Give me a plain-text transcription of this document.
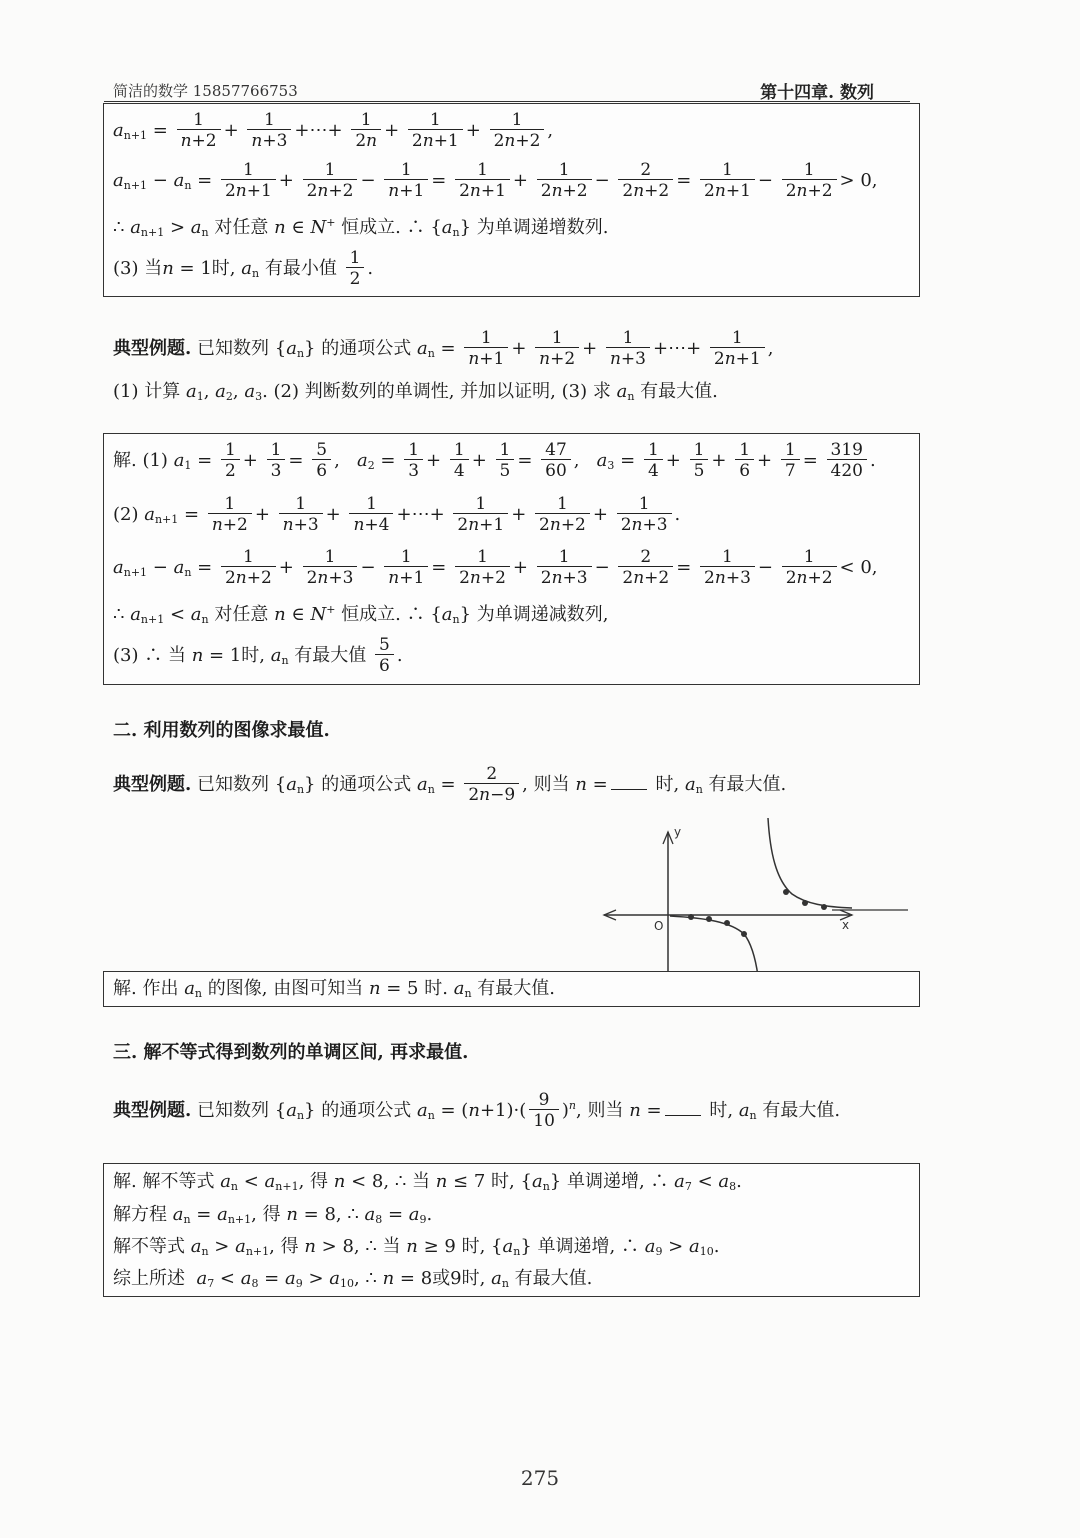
简洁的数学 15857766753	第十四章. 数列
$a_{n+1} = \frac{1}{n+2} + \frac{1}{n+3}$ +⋯+ $\frac{1}{2n} + \frac{1}{2n+1} + \frac{1}{2n+2}$ ,
$a_{n+1} - a_n = \frac{1}{2n+1} + \frac{1}{2n+2} - \frac{1}{n+1} = \frac{1}{2n+1} + \frac{1}{2n+2} - \frac{2}{2n+2} = \frac{1}{2n+1} - \frac{1}{2n+2} > 0$,
∴ $a_{n+1} > a_n$ 对任意 n ∈ N+ 恒成立. ∴ $\{a_n\}$ 为单调递增数列.
(3) 当n = 1时, $a_n$ 有最小值 $\frac{1}{2}$ .
典型例题. 已知数列 $\{a_n\}$ 的通项公式 $a_n = \frac{1}{n+1} + \frac{1}{n+2} + \frac{1}{n+3}$ +⋯+ $\frac{1}{2n+1}$ ,
(1) 计算 $a_1$, $a_2$, $a_3$. (2) 判断数列的单调性, 并加以证明, (3) 求 $a_n$ 有最大值.
解. (1) $a_1 = \frac{1}{2} + \frac{1}{3} = \frac{5}{6}$ ,   $a_2 = \frac{1}{3} + \frac{1}{4} + \frac{1}{5} = \frac{47}{60}$ ,   $a_3 = \frac{1}{4} + \frac{1}{5} + \frac{1}{6} + \frac{1}{7} = \frac{319}{420}$ .
(2) $a_{n+1} = \frac{1}{n+2} + \frac{1}{n+3} + \frac{1}{n+4}$ +⋯+ $\frac{1}{2n+1} + \frac{1}{2n+2} + \frac{1}{2n+3}$ .
$a_{n+1} - a_n = \frac{1}{2n+2} + \frac{1}{2n+3} - \frac{1}{n+1} = \frac{1}{2n+2} + \frac{1}{2n+3} - \frac{2}{2n+2} = \frac{1}{2n+3} - \frac{1}{2n+2} < 0$,
∴ $a_{n+1} < a_n$ 对任意 n ∈ N+ 恒成立. ∴ $\{a_n\}$ 为单调递减数列,
(3) ∴ 当 n = 1时, $a_n$ 有最大值 $\frac{5}{6}$ .
二. 利用数列的图像求最值.
典型例题. 已知数列 $\{a_n\}$ 的通项公式 $a_n = \frac{2}{2n-9}$ , 则当 n =	时, $a_n$ 有最大值.
y
x
O
解. 作出 $a_n$ 的图像, 由图可知当 n = 5 时. $a_n$ 有最大值.
三. 解不等式得到数列的单调区间, 再求最值.
典型例题. 已知数列 $\{a_n\}$ 的通项公式 $a_n = (n+1)\cdot( \frac{9}{10} )^n$, 则当 n =	时, $a_n$ 有最大值.
解. 解不等式 $a_n < a_{n+1}$, 得 n < 8, ∴ 当 n ≤ 7 时, $\{a_n\}$ 单调递增, ∴ $a_7 < a_8$.
解方程 $a_n = a_{n+1}$, 得 n = 8, ∴ $a_8 = a_9$.
解不等式 $a_n > a_{n+1}$, 得 n > 8, ∴ 当 n ≥ 9 时, $\{a_n\}$ 单调递增, ∴ $a_9 > a_{10}$.
综上所述 $a_7 < a_8 = a_9 > a_{10}$, ∴ n = 8或9时, $a_n$ 有最大值.
275
